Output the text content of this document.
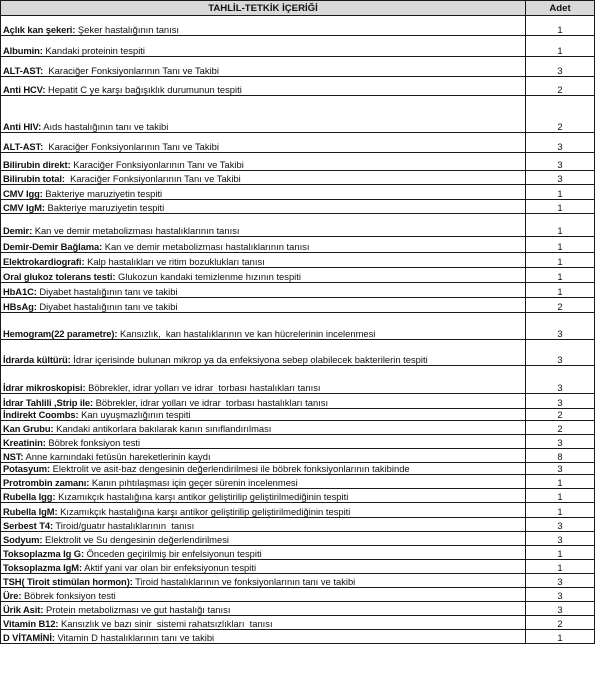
TAHLİL-TETKİK İÇERİĞİ	Adet
Açlık kan şekeri: Şeker hastalığının tanısı	1
Albumin: Kandaki proteinin tespiti	1
ALT-AST:  Karaciğer Fonksiyonlarının Tanı ve Takibi	3
Anti HCV: Hepatit C ye karşı bağışıklık durumunun tespiti	2
Anti HIV: Aıds hastalığının tanı ve takibi	2
ALT-AST:  Karaciğer Fonksiyonlarının Tanı ve Takibi	3
Bilirubin direkt: Karaciğer Fonksiyonlarının Tanı ve Takibi	3
Bilirubin total:  Karaciğer Fonksiyonlarının Tanı ve Takibi	3
CMV Igg: Bakteriye maruziyetin tespiti	1
CMV IgM: Bakteriye maruziyetin tespiti	1
Demir: Kan ve demir metabolizması hastalıklarının tanısı	1
Demir-Demir Bağlama: Kan ve demir metabolizması hastalıklarının tanısı	1
Elektrokardiografi: Kalp hastalıkları ve ritim bozuklukları tanısı	1
Oral glukoz tolerans testi: Glukozun kandaki temizlenme hızının tespiti	1
HbA1C: Diyabet hastalığının tanı ve takibi	1
HBsAg: Diyabet hastalığının tanı ve takibi	2
Hemogram(22 parametre): Kansızlık,  kan hastalıklarının ve kan hücrelerinin incelenmesi	3
İdrarda kültürü: İdrar içerisinde bulunan mikrop ya da enfeksiyona sebep olabilecek bakterilerin tespiti	3
İdrar mikroskopisi: Böbrekler, idrar yolları ve idrar  torbası hastalıkları tanısı	3
İdrar Tahlili ,Strip ile: Böbrekler, idrar yolları ve idrar  torbası hastalıkları tanısı	3
İndirekt Coombs: Kan uyuşmazlığının tespiti	2
Kan Grubu: Kandaki antikorlara bakılarak kanın sınıflandırılması	2
Kreatinin: Böbrek fonksiyon testi	3
NST: Anne karnındaki fetüsün hareketlerinin kaydı	8
Potasyum: Elektrolit ve asit-baz dengesinin değerlendirilmesi ile böbrek fonksiyonlarının takibinde	3
Protrombin zamanı: Kanın pıhtılaşması için geçer sürenin incelenmesi	1
Rubella Igg: Kızamıkçık hastalığına karşı antikor geliştirilip geliştirilmediğinin tespiti	1
Rubella IgM: Kızamıkçık hastalığına karşı antikor geliştirilip geliştirilmediğinin tespiti	1
Serbest T4: Tiroid/guatır hastalıklarının  tanısı	3
Sodyum: Elektrolit ve Su dengesinin değerlendirilmesi	3
Toksoplazma Ig G: Önceden geçirilmiş bir enfelsiyonun tespiti	1
Toksoplazma IgM: Aktif yani var olan bir enfeksiyonun tespiti	1
TSH( Tiroit stimülan hormon): Tiroid hastalıklarının ve fonksiyonlarının tanı ve takibi	3
Üre: Böbrek fonksiyon testi	3
Ürik Asit: Protein metabolizması ve gut hastalığı tanısı	3
Vitamin B12: Kansızlık ve bazı sinir  sistemi rahatsızlıkları  tanısı	2
D VİTAMİNİ: Vitamin D hastalıklarının tanı ve takibi	1
